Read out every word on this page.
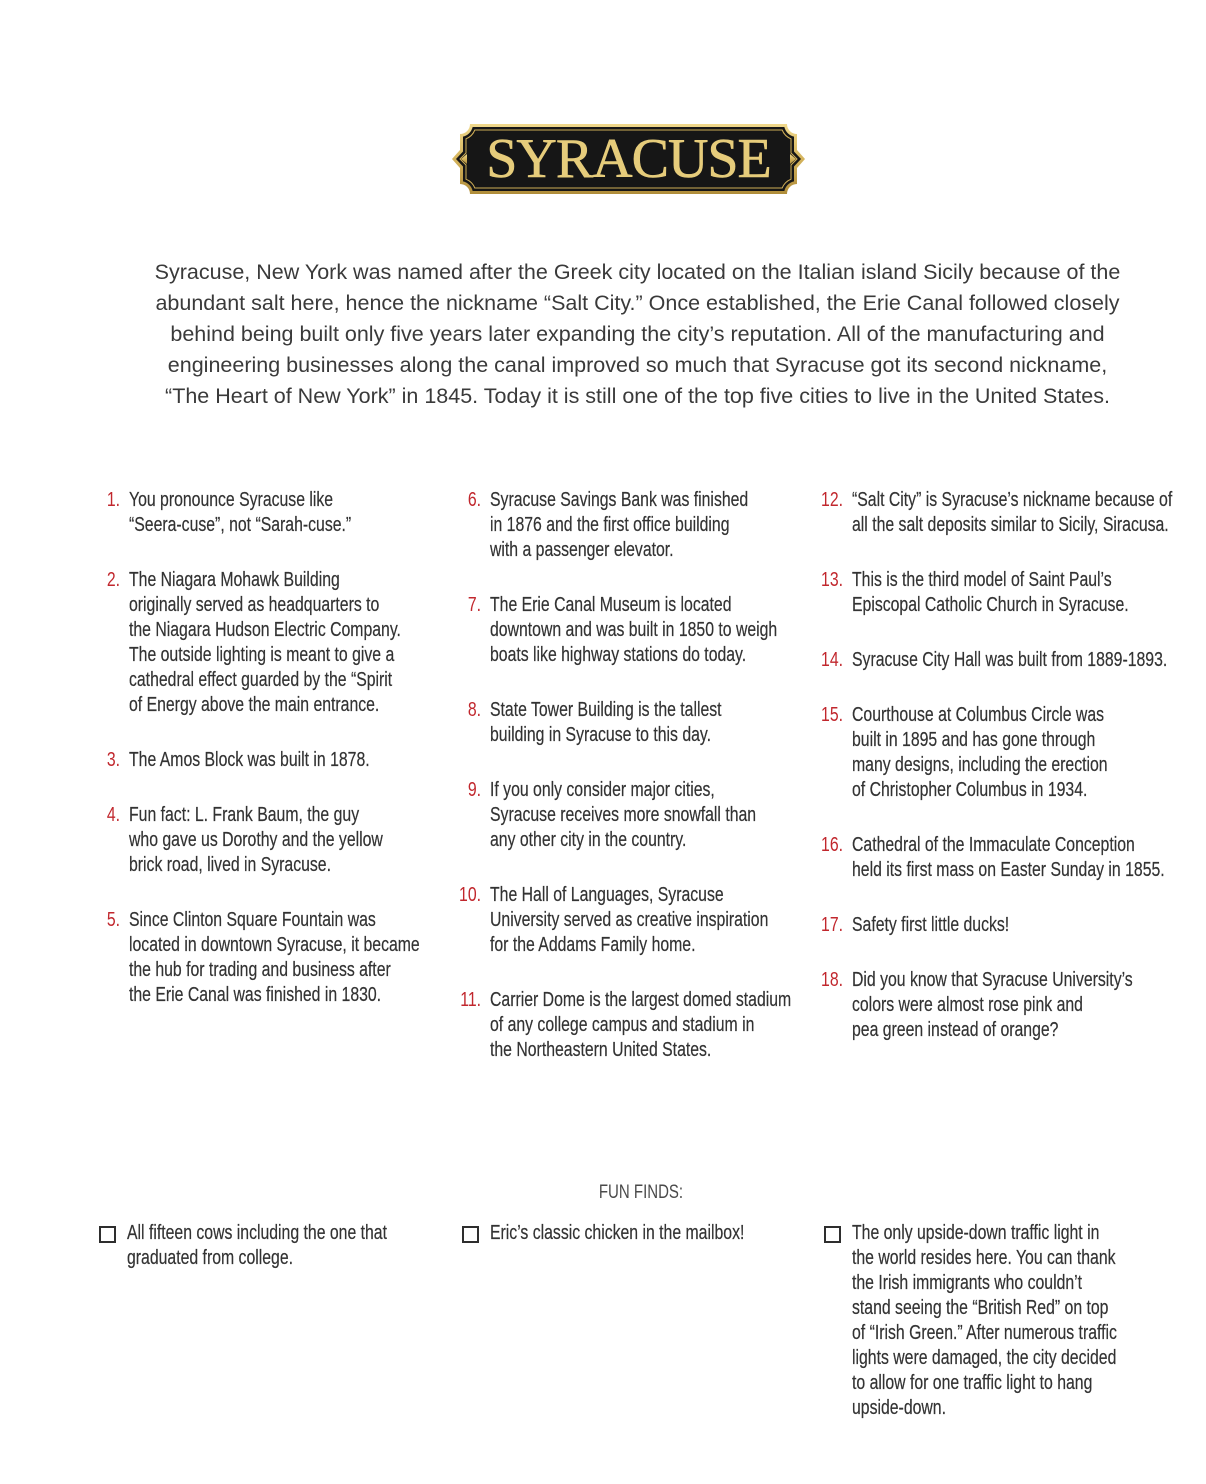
SYRACUSE

Syracuse, New York was named after the Greek city located on the Italian island Sicily because of the
abundant salt here, hence the nickname “Salt City.” Once established, the Erie Canal followed closely
behind being built only five years later expanding the city’s reputation. All of the manufacturing and
engineering businesses along the canal improved so much that Syracuse got its second nickname,
“The Heart of New York” in 1845. Today it is still one of the top five cities to live in the United States.

1. You pronounce Syracuse like
“Seera-cuse”, not “Sarah-cuse.”
2. The Niagara Mohawk Building
originally served as headquarters to
the Niagara Hudson Electric Company.
The outside lighting is meant to give a
cathedral effect guarded by the “Spirit
of Energy above the main entrance.
3. The Amos Block was built in 1878.
4. Fun fact: L. Frank Baum, the guy
who gave us Dorothy and the yellow
brick road, lived in Syracuse.
5. Since Clinton Square Fountain was
located in downtown Syracuse, it became
the hub for trading and business after
the Erie Canal was finished in 1830.
6. Syracuse Savings Bank was finished
in 1876 and the first office building
with a passenger elevator.
7. The Erie Canal Museum is located
downtown and was built in 1850 to weigh
boats like highway stations do today.
8. State Tower Building is the tallest
building in Syracuse to this day.
9. If you only consider major cities,
Syracuse receives more snowfall than
any other city in the country.
10. The Hall of Languages, Syracuse
University served as creative inspiration
for the Addams Family home.
11. Carrier Dome is the largest domed stadium
of any college campus and stadium in
the Northeastern United States.
12. “Salt City” is Syracuse’s nickname because of
all the salt deposits similar to Sicily, Siracusa.
13. This is the third model of Saint Paul’s
Episcopal Catholic Church in Syracuse.
14. Syracuse City Hall was built from 1889-1893.
15. Courthouse at Columbus Circle was
built in 1895 and has gone through
many designs, including the erection
of Christopher Columbus in 1934.
16. Cathedral of the Immaculate Conception
held its first mass on Easter Sunday in 1855.
17. Safety first little ducks!
18. Did you know that Syracuse University’s
colors were almost rose pink and
pea green instead of orange?
FUN FINDS:
All fifteen cows including the one that
graduated from college.
Eric’s classic chicken in the mailbox!	The only upside-down traffic light in
the world resides here. You can thank
the Irish immigrants who couldn’t
stand seeing the “British Red” on top
of “Irish Green.” After numerous traffic
lights were damaged, the city decided
to allow for one traffic light to hang
upside-down.
